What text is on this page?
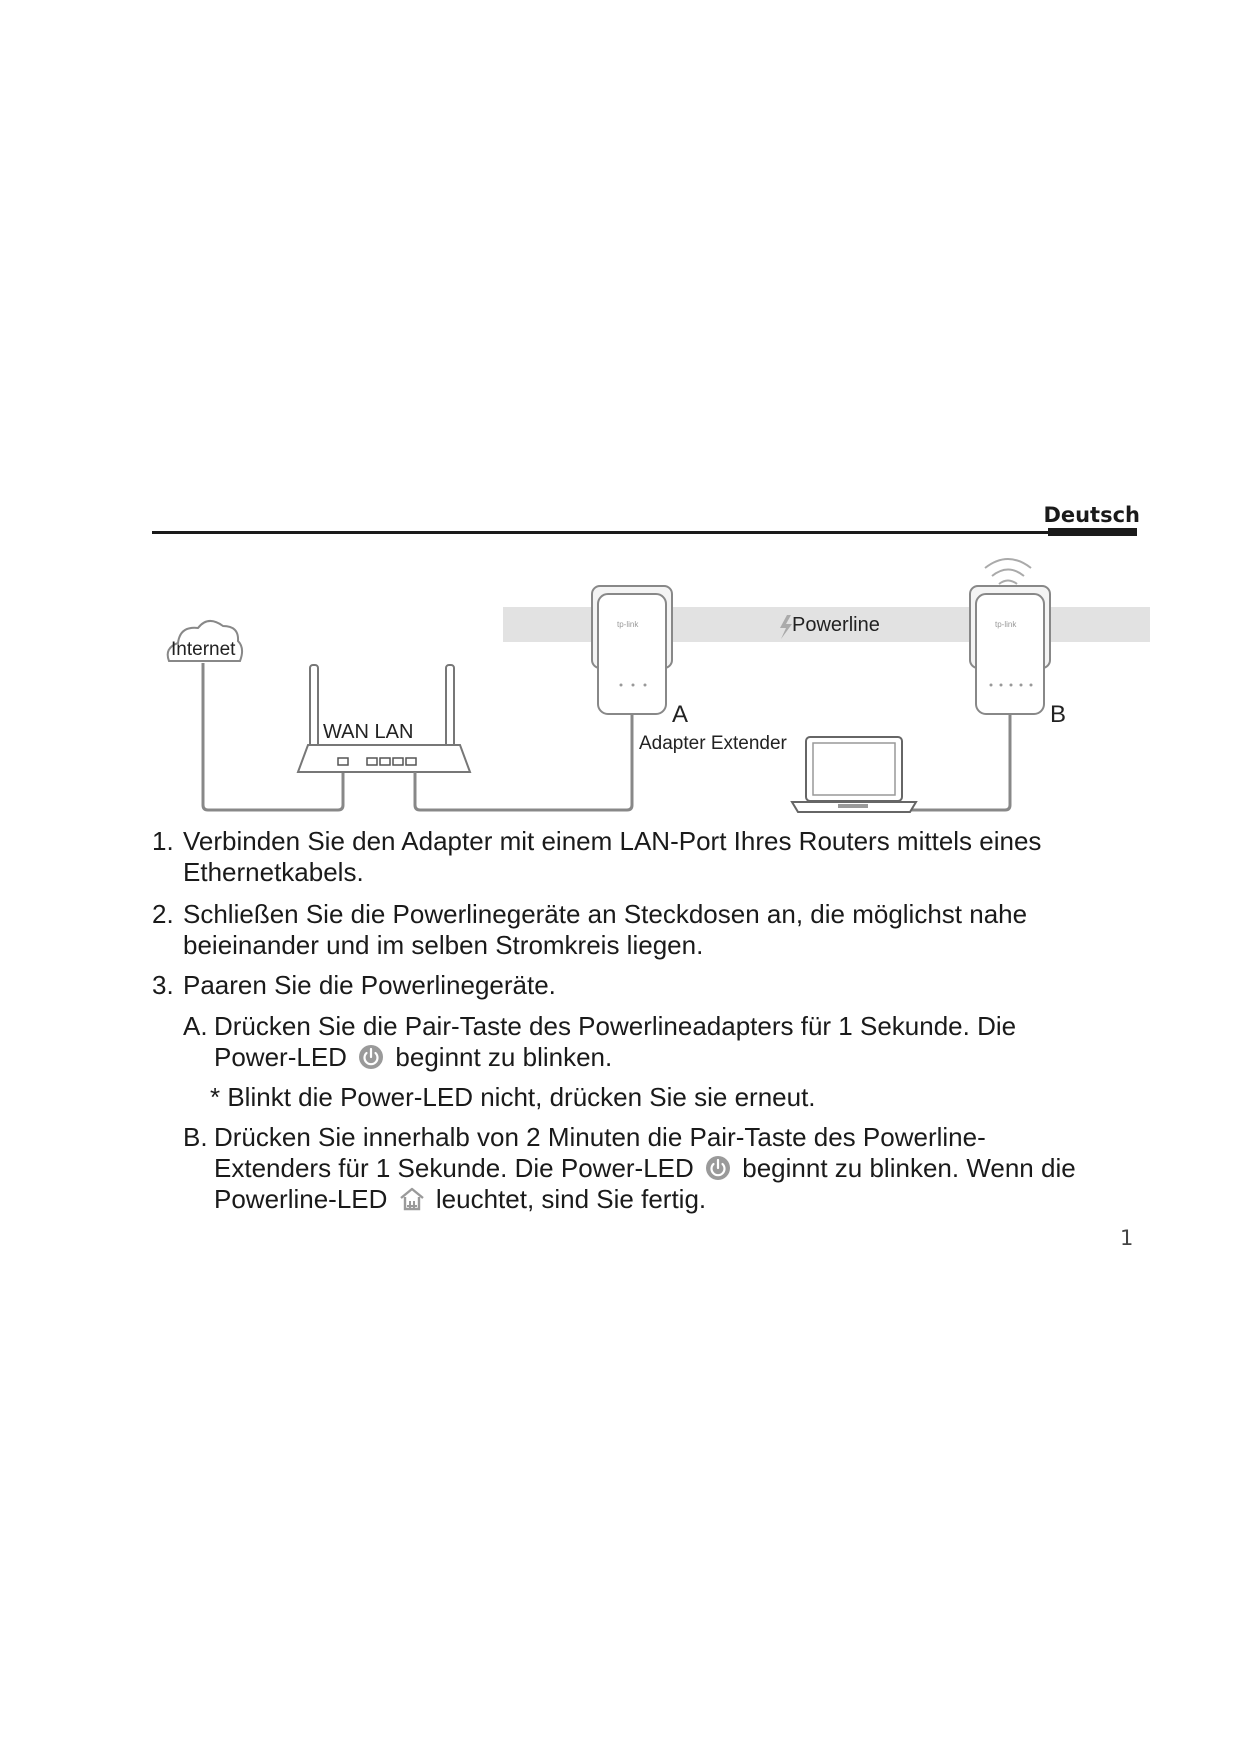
Deutsch
Powerline
Internet
WAN LAN
tp-link
A
Adapter Extender
tp-link
B
1. Verbinden Sie den Adapter mit einem LAN-Port Ihres Routers mittels eines
Ethernetkabels.
2. Schließen Sie die Powerlinegeräte an Steckdosen an, die möglichst nahe
beieinander und im selben Stromkreis liegen.
3. Paaren Sie die Powerlinegeräte.
A. Drücken Sie die Pair-Taste des Powerlineadapters für 1 Sekunde. Die
Power-LED beginnt zu blinken.
* Blinkt die Power-LED nicht, drücken Sie sie erneut.
B. Drücken Sie innerhalb von 2 Minuten die Pair-Taste des Powerline-
Extenders für 1 Sekunde. Die Power-LED beginnt zu blinken. Wenn die
Powerline-LED leuchtet, sind Sie fertig.
1
